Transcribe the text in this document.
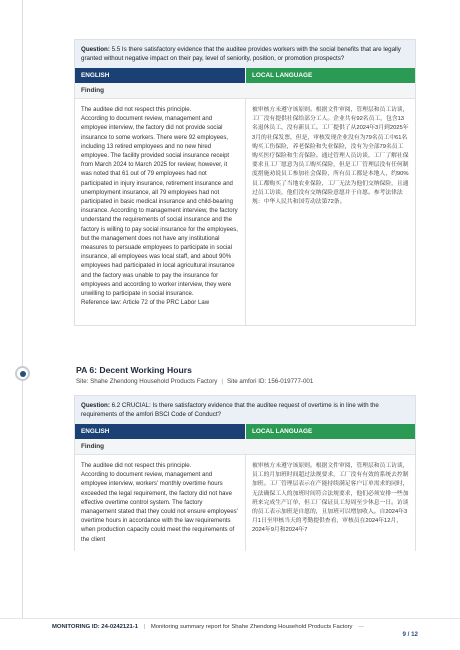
Question: 5.5 Is there satisfactory evidence that the auditee provides workers with the social benefits that are legally granted without negative impact on their pay, level of seniority, position, or promotion prospects?
ENGLISH	LOCAL LANGUAGE
Finding
The auditee did not respect this principle.
According to document review, management and employee interview, the factory did not provide social insurance to some workers. There were 92 employees, including 13 retired employees and no new hired employee. The facility provided social insurance receipt from March 2024 to March 2025 for review; however, it was noted that 61 out of 79 employees had not participated in injury insurance, retirement insurance and unemployment insurance, all 79 employees had not participated in basic medical insurance and child-bearing insurance. According to management interview, the factory understand the requirements of social insurance and the factory is willing to pay social insurance for the employees, but the management does not have any institutional measures to persuade employees to participate in social insurance, all employees was local staff, and about 90% employees had participated in local agricultural insurance and the factory was unable to pay the insurance for employees and according to worker interview, they were unwilling to participate in social insurance.
Reference law: Article 72 of the PRC Labor Law
被审核方未遵守该原则。根据文件审阅，管理层和员工访谈，工厂没有提供社保给部分工人。企业共有92名员工，包含13名退休员工，没有新员工。工厂提供了从2024年3月到2025年3月的社保发票，但是，审核发现企业没有为79名员工中61名购买工伤保险，养老保险和失业保险，没有为全部79名员工购买医疗保险和生育保险。通过管理人员访谈，工厂了解社保要求且工厂愿意为员工购买保险，但是工厂管理层没有任何制度措施劝说员工参加社会保险，所有员工都是本地人，约90%员工都购买了当地农业保险，工厂无法为他们交纳保险，且通过员工访谈，他们没有交纳保险意愿并于自愿。参考法律法规：中华人民共和国劳动法第72条。
PA 6: Decent Working Hours
Site: Shahe Zhendong Household Products Factory | Site amfori ID: 156-019777-001
Question: 6.2 CRUCIAL: Is there satisfactory evidence that the auditee request of overtime is in line with the requirements of the amfori BSCI Code of Conduct?
ENGLISH	LOCAL LANGUAGE
Finding
The auditee did not respect this principle.
According to document review, management and employee interview, workers' monthly overtime hours exceeded the legal requirement, the factory did not have effective overtime control system. The factory management stated that they could not ensure employees' overtime hours in accordance with the law requirements when production capacity could meet the requirements of the client
被审核方未遵守该原则。根据文件审阅，管理层和员工访谈，员工的月加班时间超过法规要求，工厂没有有效的系统去控制加班。工厂管理层表示在产能持续满足客户订单需求的同时，无法确保工人的加班时间符合法规要求，他们必须安排一些加班来完成生产订单，但工厂保证员工每周至少休息一日。访谈的员工表示加班是自愿的，且加班可以增加收入。自2024年3月1日至审核当天的考勤提供查看，审核员在2024年12月，2024年9月和2024年7
MONITORING ID: 24-0242121-1 | Monitoring summary report for Shahe Zhendong Household Products Factory —
9 / 12
